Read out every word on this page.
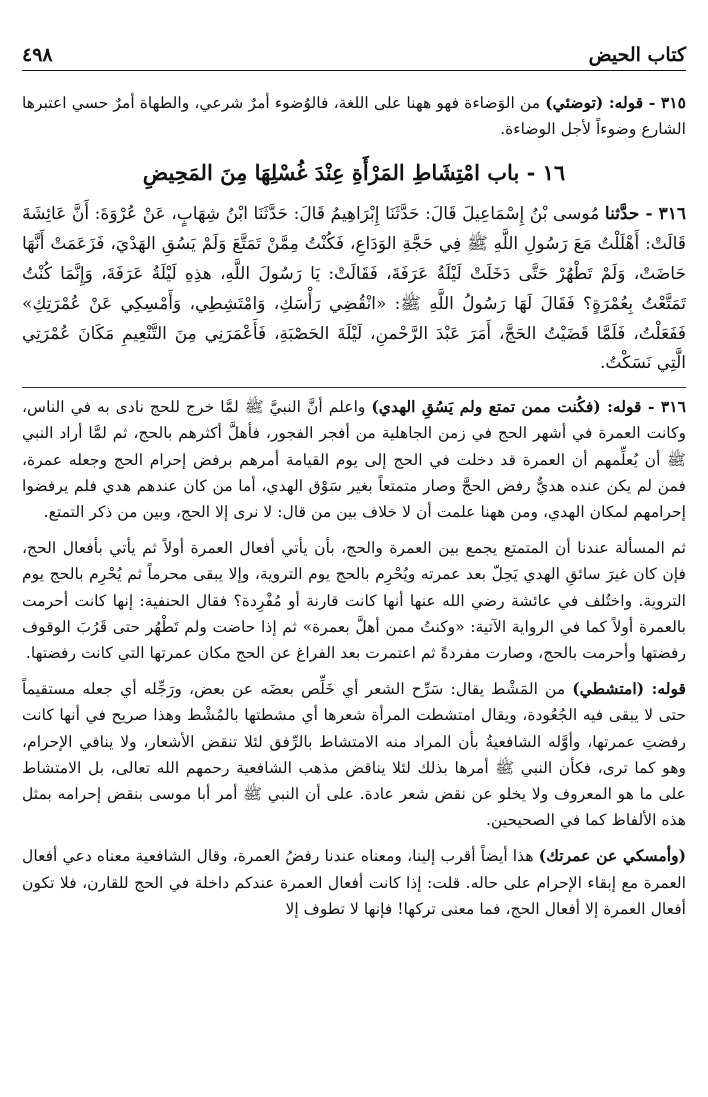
كتاب الحيض
٤٩٨

٣١٥ - قوله: (توضئي) من الوَضاءة فهو ههنا على اللغة، فالوُضوء أمرٌ شرعي، والطهاة أمرٌ حسي اعتبرها الشارع وضوءاً لأجل الوضاءة.

١٦ - باب امْتِشَاطِ المَرْأَةِ عِنْدَ غُسْلِهَا مِنَ المَحِيضِ

٣١٦ - حدَّثنا مُوسى بْنُ إِسْمَاعِيلَ قَالَ: حَدَّثَنَا إِبْرَاهِيمُ قَالَ: حَدَّثَنَا ابْنُ شِهَابٍ، عَنْ عُرْوَةَ: أَنَّ عَائِشَةَ قَالَتْ: أَهْلَلْتُ مَعَ رَسُولِ اللَّهِ ﷺ فِي حَجَّةِ الوَدَاعِ، فَكُنْتُ مِمَّنْ تَمَتَّعَ وَلَمْ يَسُقِ الهَدْيَ، فَزَعَمَتْ أَنَّهَا حَاضَتْ، وَلَمْ تَطْهُرْ حَتَّى دَخَلَتْ لَيْلَةُ عَرَفَةَ، فَقَالَتْ: يَا رَسُولَ اللَّهِ، هذِهِ لَيْلَةُ عَرَفَةَ، وَإِنَّمَا كُنْتُ تَمَتَّعْتُ بِعُمْرَةٍ؟ فَقَالَ لَهَا رَسُولُ اللَّهِ ﷺ: «انْقُضِي رَأْسَكِ، وَامْتَشِطِي، وَأَمْسِكِي عَنْ عُمْرَتِكِ» فَفَعَلْتُ، فَلَمَّا قَضَيْتُ الحَجَّ، أَمَرَ عَبْدَ الرَّحْمنِ، لَيْلَةَ الحَصْبَةِ، فَأَعْمَرَنِي مِنَ التَّنْعِيمِ مَكَانَ عُمْرَتِي الَّتِي نَسَكْتُ.

٣١٦ - قوله: (فكُنت ممن تمتع ولم يَسُقِ الهدي) واعلم أنَّ النبيَّ ﷺ لمَّا خرج للحج نادى به في الناس، وكانت العمرة في أشهر الحج في زمن الجاهلية من أفجر الفجور، فأهلَّ أكثرهم بالحج، ثم لمَّا أراد النبي ﷺ أن يُعلِّمهم أن العمرة قد دخلت في الحج إلى يوم القيامة أمرهم برفض إحرام الحج وجعله عمرة، فمن لم يكن عنده هديٌّ رفض الحجَّ وصار متمتعاً بغير سَوْق الهدي، أما من كان عندهم هدي فلم يرفضوا إحرامهم لمكان الهدي، ومن ههنا علمت أن لا خلاف بين من قال: لا نرى إلا الحج، وبين من ذكر التمتع.

ثم المسألة عندنا أن المتمتع يجمع بين العمرة والحج، بأن يأتي أفعال العمرة أولاً ثم يأتي بأفعال الحج، فإن كان غيرَ سائقِ الهدي يَحِلّ بعد عمرته ويُحْرِم بالحج يوم التروية، وإلا يبقى محرماً ثم يُحْرِم بالحج يوم التروية. واختُلف في عائشة رضي الله عنها أنها كانت قارنة أو مُفْرِدة؟ فقال الحنفية: إنها كانت أحرمت بالعمرة أولاً كما في الرواية الآتية: «وكنتُ ممن أهلَّ بعمرة» ثم إذا حاضت ولم تَطْهُر حتى قَرُبَ الوقوف رفضتها وأحرمت بالحج، وصارت مفردةً ثم اعتمرت بعد الفراغ عن الحج مكان عمرتها التي كانت رفضتها.

قوله: (امتشطي) من المَشْط يقال: سَرِّح الشعر أي خَلِّص بعضَه عن بعض، ورَجِّله أي جعله مستقيماً حتى لا يبقى فيه الجُعُودة، ويقال امتشطت المرأة شعرها أي مشطتها بالمُشْط وهذا صريح في أنها كانت رفضتِ عمرتها، وأوَّله الشافعيةُ بأن المراد منه الامتشاط بالرِّفق لئلا تنقض الأشعار، ولا ينافي الإحرام، وهو كما ترى، فكأن النبي ﷺ أمرها بذلك لئلا يناقض مذهب الشافعية رحمهم الله تعالى، بل الامتشاط على ما هو المعروف ولا يخلو عن نقض شعر عادة. على أن النبي ﷺ أمر أبا موسى بنقض إحرامه بمثل هذه الألفاظ كما في الصحيحين.

(وأمسكي عن عمرتك) هذا أيضاً أقرب إلينا، ومعناه عندنا رفضُ العمرة، وقال الشافعية معناه دعي أفعال العمرة مع إبقاء الإحرام على حاله. قلت: إذا كانت أفعال العمرة عندكم داخلة في الحج للقارن، فلا تكون أفعال العمرة إلا أفعال الحج، فما معنى تركها! فإنها لا تطوف إلا
